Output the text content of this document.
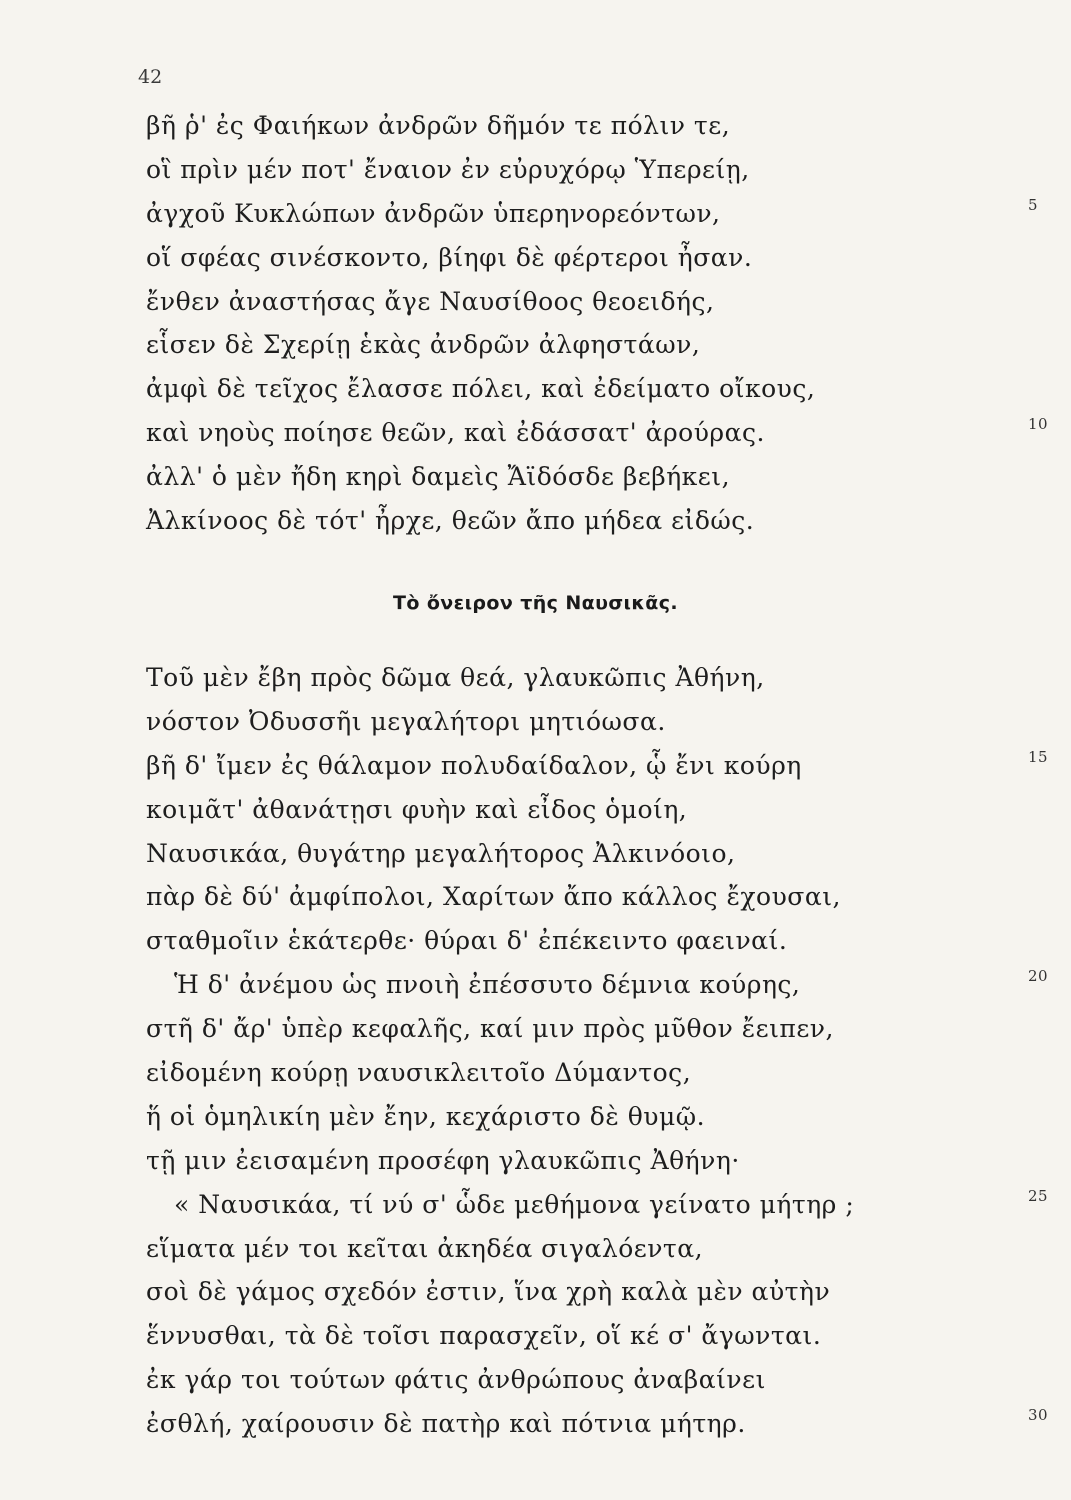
42
βῆ ῥ' ἐς Φαιήκων ἀνδρῶν δῆμόν τε πόλιν τε,
οἳ πρὶν μέν ποτ' ἔναιον ἐν εὐρυχόρῳ Ὑπερείῃ,
ἀγχοῦ Κυκλώπων ἀνδρῶν ὑπερηνορεόντων,	5
οἵ σφέας σινέσκοντο, βίηφι δὲ φέρτεροι ἦσαν.
ἔνθεν ἀναστήσας ἄγε Ναυσίθοος θεοειδής,
εἷσεν δὲ Σχερίῃ ἑκὰς ἀνδρῶν ἀλφηστάων,
ἀμφὶ δὲ τεῖχος ἔλασσε πόλει, καὶ ἐδείματο οἴκους,
καὶ νηοὺς ποίησε θεῶν, καὶ ἐδάσσατ' ἀρούρας.	10
ἀλλ' ὁ μὲν ἤδη κηρὶ δαμεὶς Ἄϊδόσδε βεβήκει,
Ἀλκίνοος δὲ τότ' ἦρχε, θεῶν ἄπο μήδεα εἰδώς.
Τὸ ὄνειρον τῆς Ναυσικᾶς.
Τοῦ μὲν ἔβη πρὸς δῶμα θεά, γλαυκῶπις Ἀθήνη,
νόστον Ὀδυσσῆι μεγαλήτορι μητιόωσα.
βῆ δ' ἴμεν ἐς θάλαμον πολυδαίδαλον, ᾧ ἔνι κούρη	15
κοιμᾶτ' ἀθανάτῃσι φυὴν καὶ εἶδος ὁμοίη,
Ναυσικάα, θυγάτηρ μεγαλήτορος Ἀλκινόοιο,
πὰρ δὲ δύ' ἀμφίπολοι, Χαρίτων ἄπο κάλλος ἔχουσαι,
σταθμοῖιν ἑκάτερθε· θύραι δ' ἐπέκειντο φαειναί.
Ἡ δ' ἀνέμου ὡς πνοιὴ ἐπέσσυτο δέμνια κούρης,	20
στῆ δ' ἄρ' ὑπὲρ κεφαλῆς, καί μιν πρὸς μῦθον ἔειπεν,
εἰδομένη κούρῃ ναυσικλειτοῖο Δύμαντος,
ἥ οἱ ὁμηλικίη μὲν ἔην, κεχάριστο δὲ θυμῷ.
τῇ μιν ἐεισαμένη προσέφη γλαυκῶπις Ἀθήνη·
« Ναυσικάα, τί νύ σ' ὧδε μεθήμονα γείνατο μήτηρ ;	25
εἵματα μέν τοι κεῖται ἀκηδέα σιγαλόεντα,
σοὶ δὲ γάμος σχεδόν ἐστιν, ἵνα χρὴ καλὰ μὲν αὐτὴν
ἕννυσθαι, τὰ δὲ τοῖσι παρασχεῖν, οἵ κέ σ' ἄγωνται.
ἐκ γάρ τοι τούτων φάτις ἀνθρώπους ἀναβαίνει
ἐσθλή, χαίρουσιν δὲ πατὴρ καὶ πότνια μήτηρ.	30
